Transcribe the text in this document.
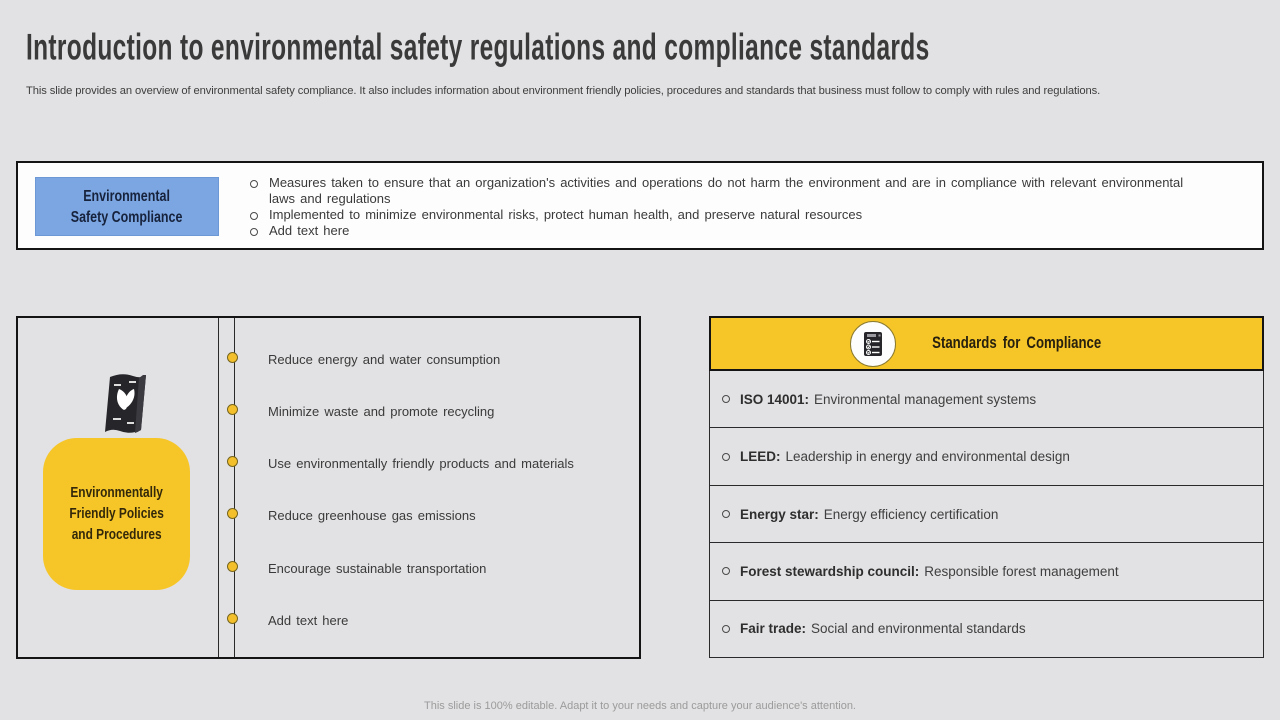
Introduction to environmental safety regulations and compliance standards
This slide provides an overview of environmental safety compliance. It also includes information about environment friendly policies, procedures and standards that business must follow to comply with rules and regulations.
Environmental
Safety Compliance
Measures taken to ensure that an organization's activities and operations do not harm the environment and are in compliance with relevant environmental laws and regulations
Implemented to minimize environmental risks, protect human health, and preserve natural resources
Add text here
Environmentally
Friendly Policies
and Procedures
Reduce energy and water consumption
Minimize waste and promote recycling
Use environmentally friendly products and materials
Reduce greenhouse gas emissions
Encourage sustainable transportation
Add text here
Standards for Compliance
ISO 14001: Environmental management systems
LEED: Leadership in energy and environmental design
Energy star: Energy efficiency certification
Forest stewardship council: Responsible forest management
Fair trade: Social and environmental standards
This slide is 100% editable. Adapt it to your needs and capture your audience's attention.
